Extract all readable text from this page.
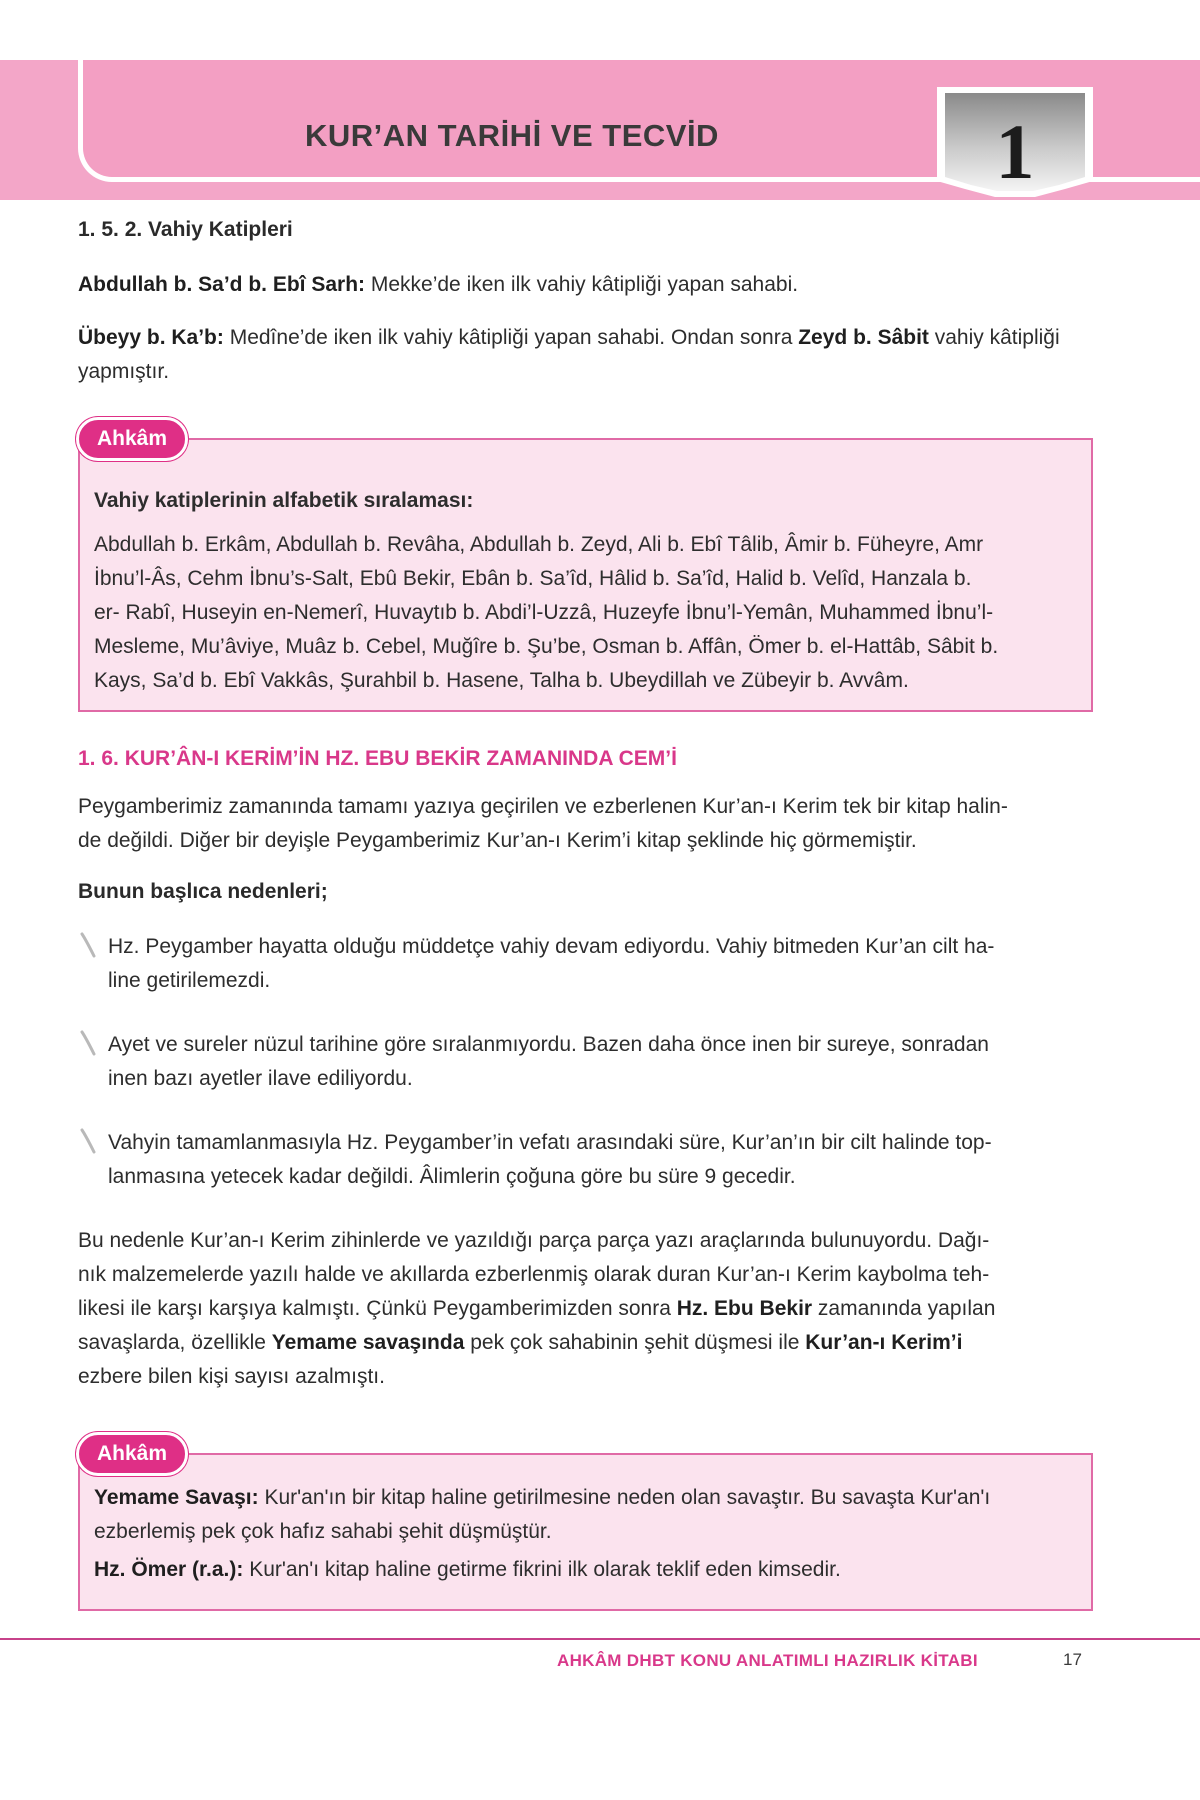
KUR’AN TARİHİ VE TECVİD	1
1. 5. 2. Vahiy Katipleri
Abdullah b. Sa’d b. Ebî Sarh: Mekke’de iken ilk vahiy kâtipliği yapan sahabi.
Übeyy b. Ka’b: Medîne’de iken ilk vahiy kâtipliği yapan sahabi. Ondan sonra Zeyd b. Sâbit vahiy kâtipliği yapmıştır.
Vahiy katiplerinin alfabetik sıralaması:
Abdullah b. Erkâm, Abdullah b. Revâha, Abdullah b. Zeyd, Ali b. Ebî Tâlib, Âmir b. Füheyre, Amr
İbnu’l-Âs, Cehm İbnu’s-Salt, Ebû Bekir, Ebân b. Sa’îd, Hâlid b. Sa’îd, Halid b. Velîd, Hanzala b.
er- Rabî, Huseyin en-Nemerî, Huvaytıb b. Abdi’l-Uzzâ, Huzeyfe İbnu’l-Yemân, Muhammed İbnu’l-
Mesleme, Mu’âviye, Muâz b. Cebel, Muğîre b. Şu’be, Osman b. Affân, Ömer b. el-Hattâb, Sâbit b.
Kays, Sa’d b. Ebî Vakkâs, Şurahbil b. Hasene, Talha b. Ubeydillah ve Zübeyir b. Avvâm.
Ahkâm
1. 6. KUR’ÂN-I KERİM’İN HZ. EBU BEKİR ZAMANINDA CEM’İ
Peygamberimiz zamanında tamamı yazıya geçirilen ve ezberlenen Kur’an-ı Kerim tek bir kitap halin-
de değildi. Diğer bir deyişle Peygamberimiz Kur’an-ı Kerim’i kitap şeklinde hiç görmemiştir.
Bunun başlıca nedenleri;
Hz. Peygamber hayatta olduğu müddetçe vahiy devam ediyordu. Vahiy bitmeden Kur’an cilt ha-
line getirilemezdi.
Ayet ve sureler nüzul tarihine göre sıralanmıyordu. Bazen daha önce inen bir sureye, sonradan
inen bazı ayetler ilave ediliyordu.
Vahyin tamamlanmasıyla Hz. Peygamber’in vefatı arasındaki süre, Kur’an’ın bir cilt halinde top-
lanmasına yetecek kadar değildi. Âlimlerin çoğuna göre bu süre 9 gecedir.
Bu nedenle Kur’an-ı Kerim zihinlerde ve yazıldığı parça parça yazı araçlarında bulunuyordu. Dağı-
nık malzemelerde yazılı halde ve akıllarda ezberlenmiş olarak duran Kur’an-ı Kerim kaybolma teh-
likesi ile karşı karşıya kalmıştı. Çünkü Peygamberimizden sonra Hz. Ebu Bekir zamanında yapılan
savaşlarda, özellikle Yemame savaşında pek çok sahabinin şehit düşmesi ile Kur’an-ı Kerim’i
ezbere bilen kişi sayısı azalmıştı.
Yemame Savaşı: Kur'an'ın bir kitap haline getirilmesine neden olan savaştır. Bu savaşta Kur'an'ı
ezberlemiş pek çok hafız sahabi şehit düşmüştür.
Hz. Ömer (r.a.): Kur'an'ı kitap haline getirme fikrini ilk olarak teklif eden kimsedir.
Ahkâm
AHKÂM DHBT KONU ANLATIMLI HAZIRLIK KİTABI	17
